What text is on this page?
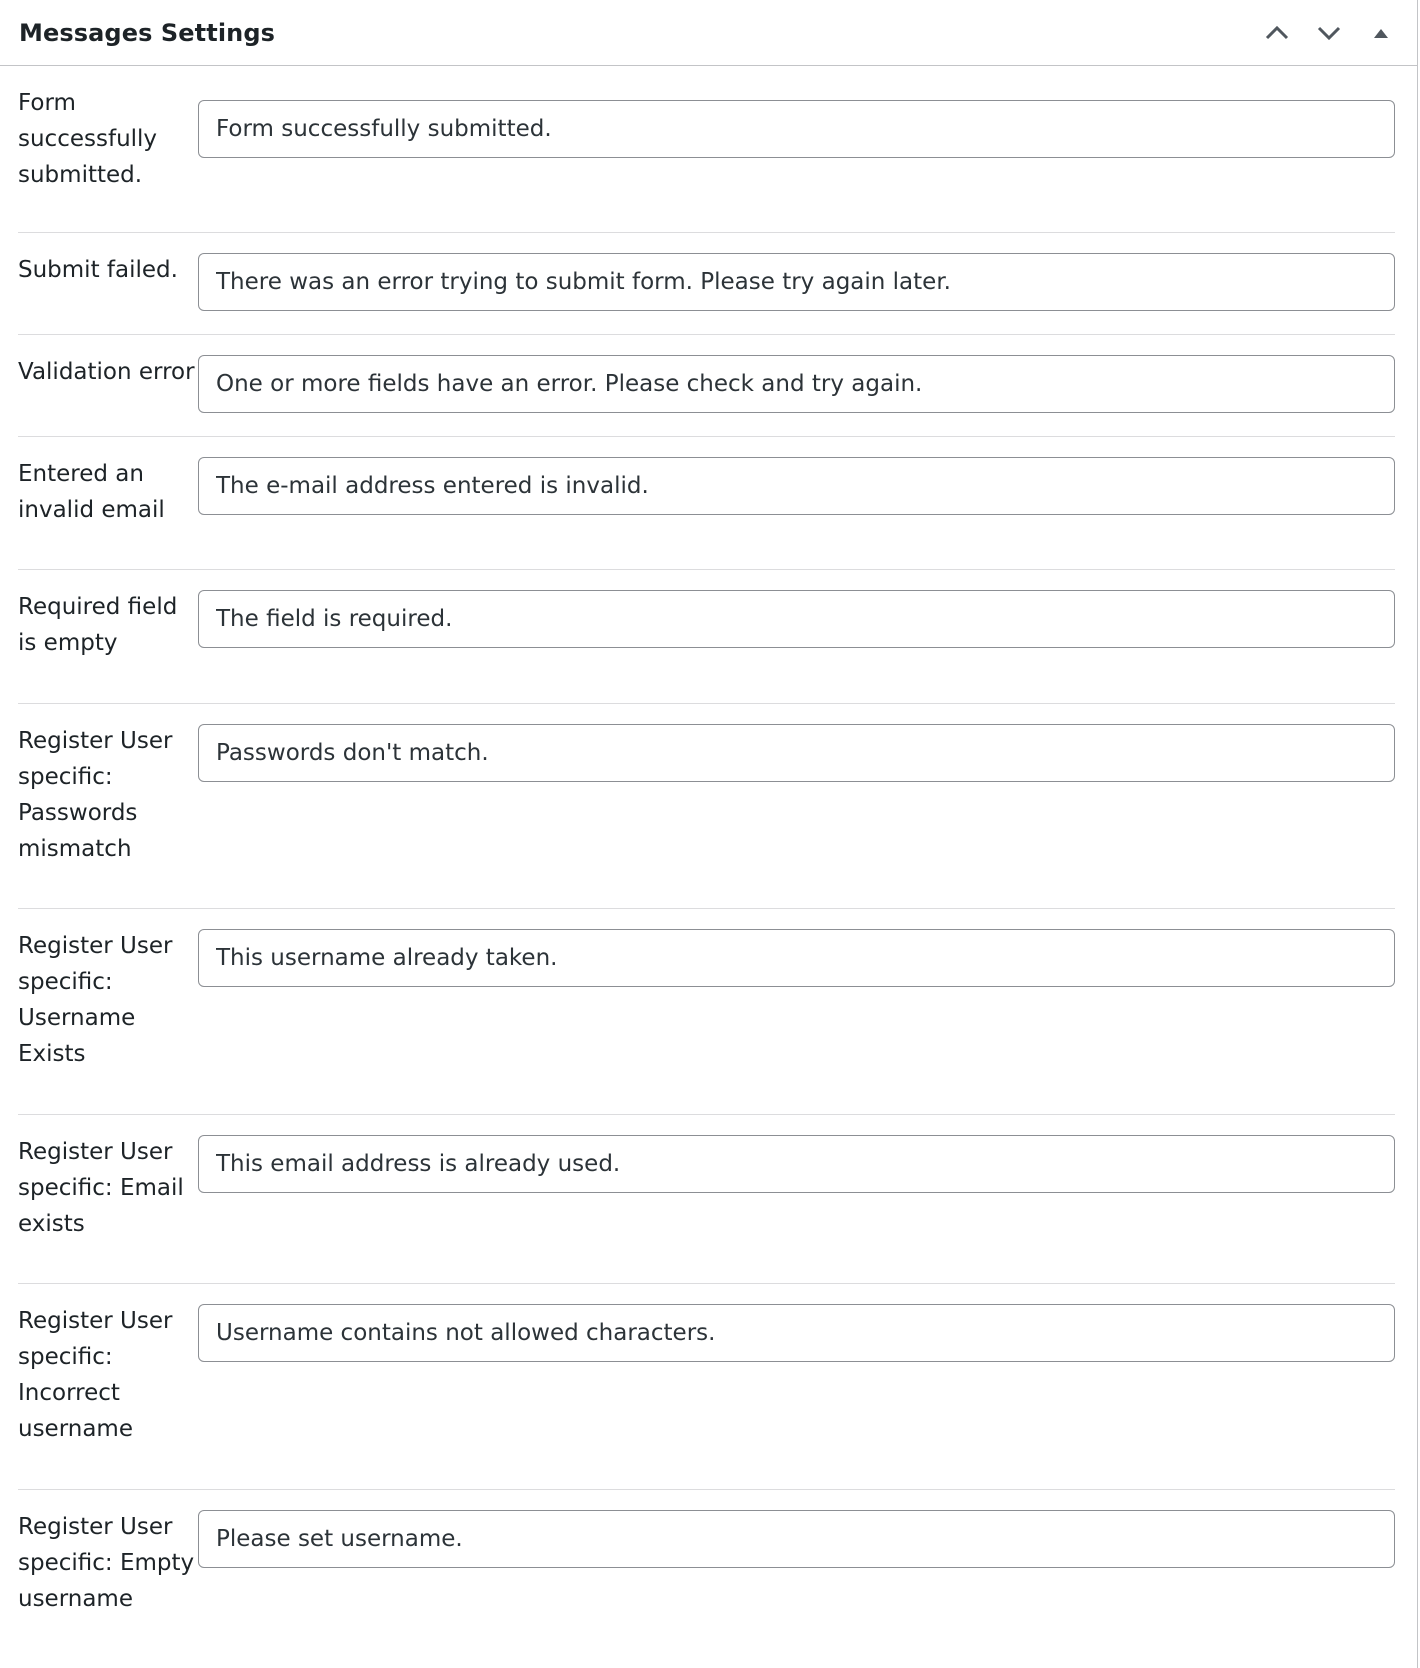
Messages Settings
Form successfully submitted.
Form successfully submitted.
Submit failed.
There was an error trying to submit form. Please try again later.
Validation error
One or more fields have an error. Please check and try again.
Entered an invalid email
The e-mail address entered is invalid.
Required field is empty
The field is required.
Register User specific: Passwords mismatch
Passwords don't match.
Register User specific: Username Exists
This username already taken.
Register User specific: Email exists
This email address is already used.
Register User specific: Incorrect username
Username contains not allowed characters.
Register User specific: Empty username
Please set username.
